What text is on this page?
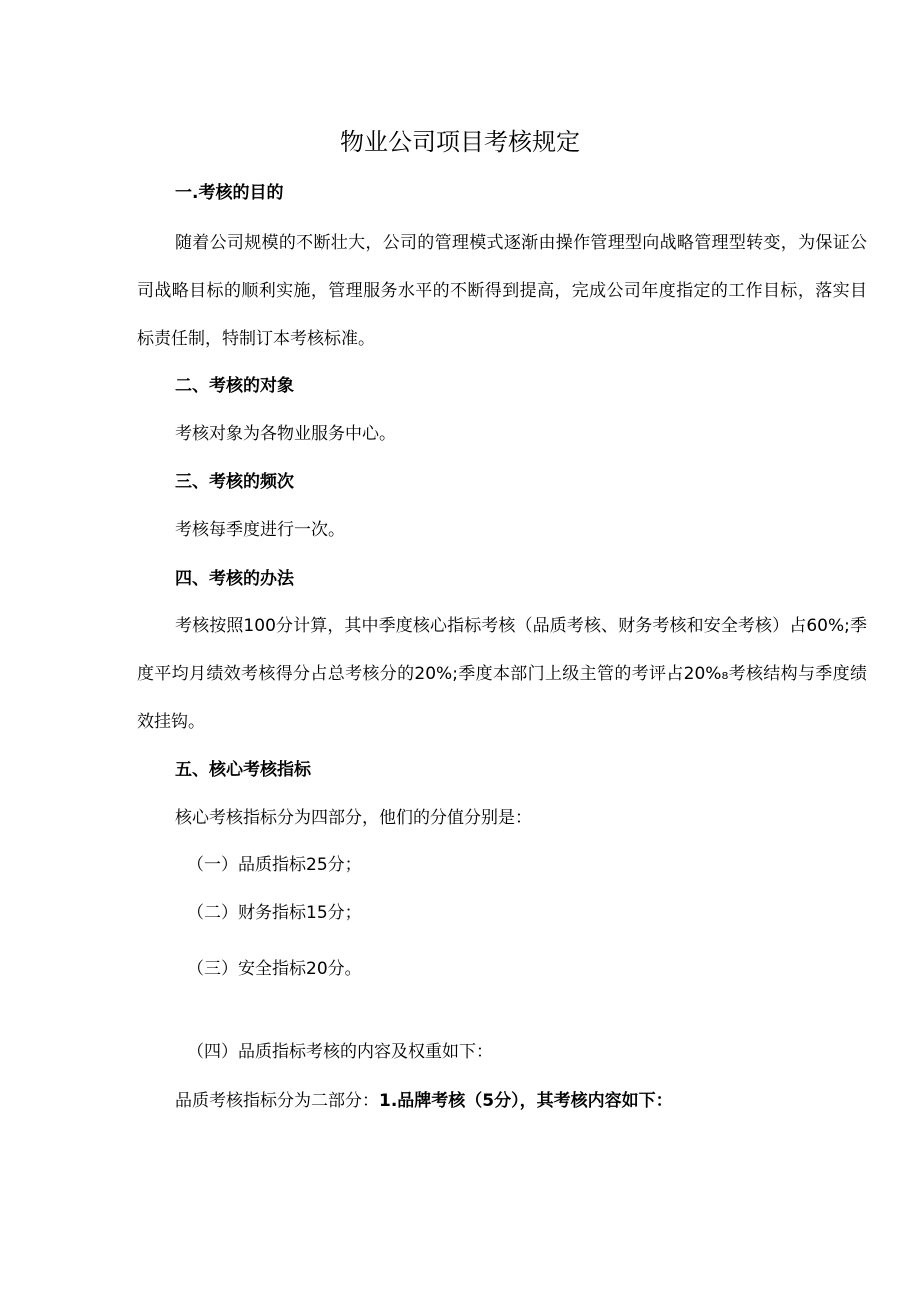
物业公司项目考核规定
一.考核的目的
随着公司规模的不断壮大，公司的管理模式逐渐由操作管理型向战略管理型转变，为保证公司战略目标的顺利实施，管理服务水平的不断得到提高，完成公司年度指定的工作目标，落实目标责任制，特制订本考核标准。
二、考核的对象
考核对象为各物业服务中心。
三、考核的频次
考核每季度进行一次。
四、考核的办法
考核按照100分计算，其中季度核心指标考核（品质考核、财务考核和安全考核）占60%;季度平均月绩效考核得分占总考核分的20%;季度本部门上级主管的考评占20%₈考核结构与季度绩效挂钩。
五、核心考核指标
核心考核指标分为四部分，他们的分值分别是：
（一）品质指标25分；
（二）财务指标15分；
（三）安全指标20分。
（四）品质指标考核的内容及权重如下：
品质考核指标分为二部分：1.品牌考核（5分），其考核内容如下：
